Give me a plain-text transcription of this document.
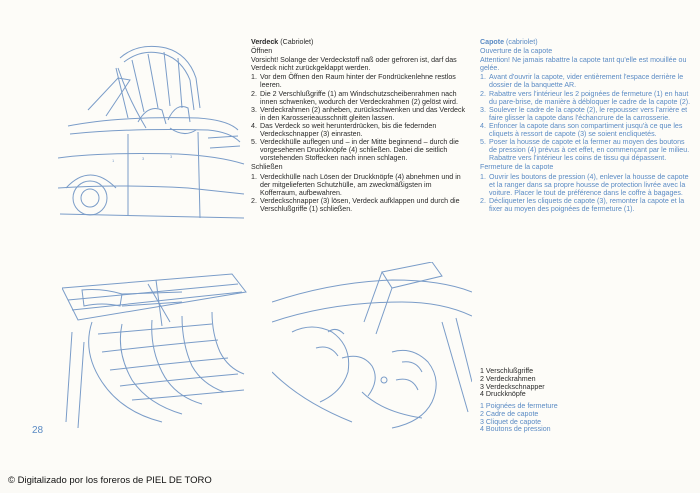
1	3	3

Verdeck (Cabriolet)

Öffnen

Vorsicht! Solange der Verdeckstoff naß oder gefroren ist, darf das Verdeck nicht zurückgeklappt werden.

1. Vor dem Öffnen den Raum hinter der Fondrückenlehne restlos leeren.
2. Die 2 Verschlußgriffe (1) am Windschutzscheibenrahmen nach innen schwenken, wodurch der Verdeckrahmen (2) gelöst wird.
3. Verdeckrahmen (2) anheben, zurückschwenken und das Verdeck in den Karosserieausschnitt gleiten lassen.
4. Das Verdeck so weit herunterdrücken, bis die federnden Verdeckschnapper (3) einrasten.
5. Verdeckhülle auflegen und – in der Mitte beginnend – durch die vorgesehenen Druckknöpfe (4) schließen. Dabei die seitlich vorstehenden Stoffecken nach innen schlagen.

Schließen

1. Verdeckhülle nach Lösen der Druckknöpfe (4) abnehmen und in der mitgelieferten Schutzhülle, am zweckmäßigsten im Kofferraum, aufbewahren.
2. Verdeckschnapper (3) lösen, Verdeck aufklappen und durch die Verschlußgriffe (1) schließen.

Capote (cabriolet)

Ouverture de la capote

Attention! Ne jamais rabattre la capote tant qu'elle est mouillée ou gelée.

1. Avant d'ouvrir la capote, vider entièrement l'espace derrière le dossier de la banquette AR.
2. Rabattre vers l'intérieur les 2 poignées de fermeture (1) en haut du pare-brise, de manière à débloquer le cadre de la capote (2).
3. Soulever le cadre de la capote (2), le repousser vers l'arrière et faire glisser la capote dans l'échancrure de la carrosserie.
4. Enfoncer la capote dans son compartiment jusqu'à ce que les cliquets à ressort de capote (3) se soient encliquetés.
5. Poser la housse de capote et la fermer au moyen des boutons de pression (4) prévus à cet effet, en commençant par le milieu. Rabattre vers l'intérieur les coins de tissu qui dépassent.

Fermeture de la capote

1. Ouvrir les boutons de pression (4), enlever la housse de capote et la ranger dans sa propre housse de protection livrée avec la voiture. Placer le tout de préférence dans le coffre à bagages.
2. Décliqueter les cliquets de capote (3), remonter la capote et la fixer au moyen des poignées de fermeture (1).
1 Verschlußgriffe
2 Verdeckrahmen
3 Verdeckschnapper
4 Druckknöpfe
1 Poignées de fermeture
2 Cadre de capote
3 Cliquet de capote
4 Boutons de pression
28
© Digitalizado por los foreros de PIEL DE TORO
